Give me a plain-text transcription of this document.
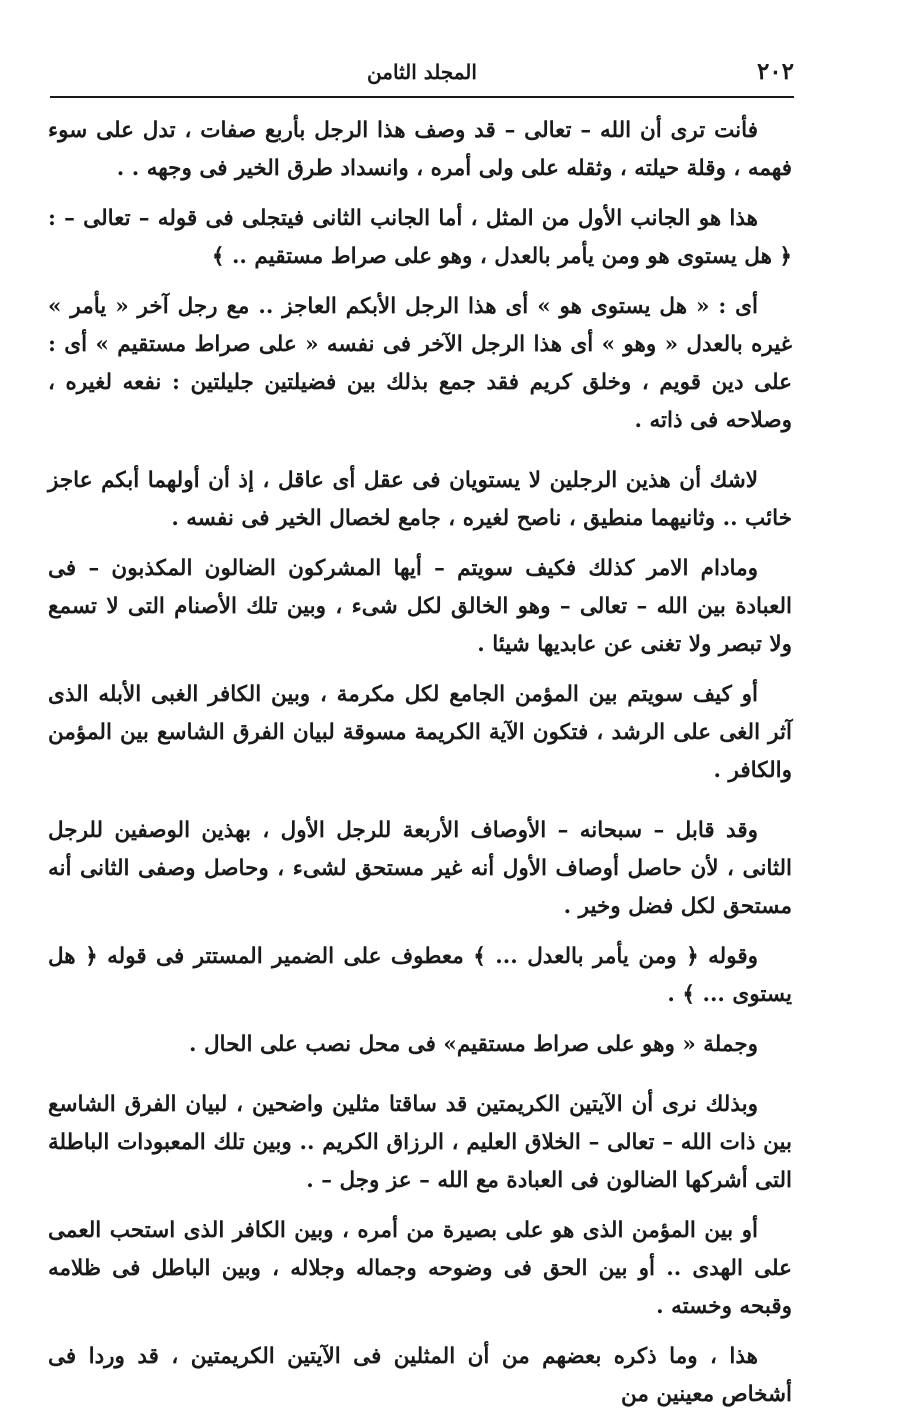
٢٠٢
المجلد الثامن

فأنت ترى أن الله – تعالى – قد وصف هذا الرجل بأربع صفات ، تدل على سوء فهمه ، وقلة حيلته ، وثقله على ولى أمره ، وانسداد طرق الخير فى وجهه . .

هذا هو الجانب الأول من المثل ، أما الجانب الثانى فيتجلى فى قوله – تعالى – : ﴿ هل يستوى هو ومن يأمر بالعدل ، وهو على صراط مستقيم .. ﴾

أى : « هل يستوى هو » أى هذا الرجل الأبكم العاجز .. مع رجل آخر « يأمر » غيره بالعدل « وهو » أى هذا الرجل الآخر فى نفسه « على صراط مستقيم » أى : على دين قويم ، وخلق كريم فقد جمع بذلك بين فضيلتين جليلتين : نفعه لغيره ، وصلاحه فى ذاته .

لاشك أن هذين الرجلين لا يستويان فى عقل أى عاقل ، إذ أن أولهما أبكم عاجز خائب .. وثانيهما منطيق ، ناصح لغيره ، جامع لخصال الخير فى نفسه .

ومادام الامر كذلك فكيف سويتم – أيها المشركون الضالون المكذبون – فى العبادة بين الله – تعالى – وهو الخالق لكل شىء ، وبين تلك الأصنام التى لا تسمع ولا تبصر ولا تغنى عن عابديها شيئا .

أو كيف سويتم بين المؤمن الجامع لكل مكرمة ، وبين الكافر الغبى الأبله الذى آثر الغى على الرشد ، فتكون الآية الكريمة مسوقة لبيان الفرق الشاسع بين المؤمن والكافر .

وقد قابل – سبحانه – الأوصاف الأربعة للرجل الأول ، بهذين الوصفين للرجل الثانى ، لأن حاصل أوصاف الأول أنه غير مستحق لشىء ، وحاصل وصفى الثانى أنه مستحق لكل فضل وخير .

وقوله ﴿ ومن يأمر بالعدل ... ﴾ معطوف على الضمير المستتر فى قوله ﴿ هل يستوى ... ﴾ .

وجملة « وهو على صراط مستقيم» فى محل نصب على الحال .

وبذلك نرى أن الآيتين الكريمتين قد ساقتا مثلين واضحين ، لبيان الفرق الشاسع بين ذات الله – تعالى – الخلاق العليم ، الرزاق الكريم .. وبين تلك المعبودات الباطلة التى أشركها الضالون فى العبادة مع الله – عز وجل – .

أو بين المؤمن الذى هو على بصيرة من أمره ، وبين الكافر الذى استحب العمى على الهدى .. أو بين الحق فى وضوحه وجماله وجلاله ، وبين الباطل فى ظلامه وقبحه وخسته .

هذا ، وما ذكره بعضهم من أن المثلين فى الآيتين الكريمتين ، قد وردا فى أشخاص معينين من
